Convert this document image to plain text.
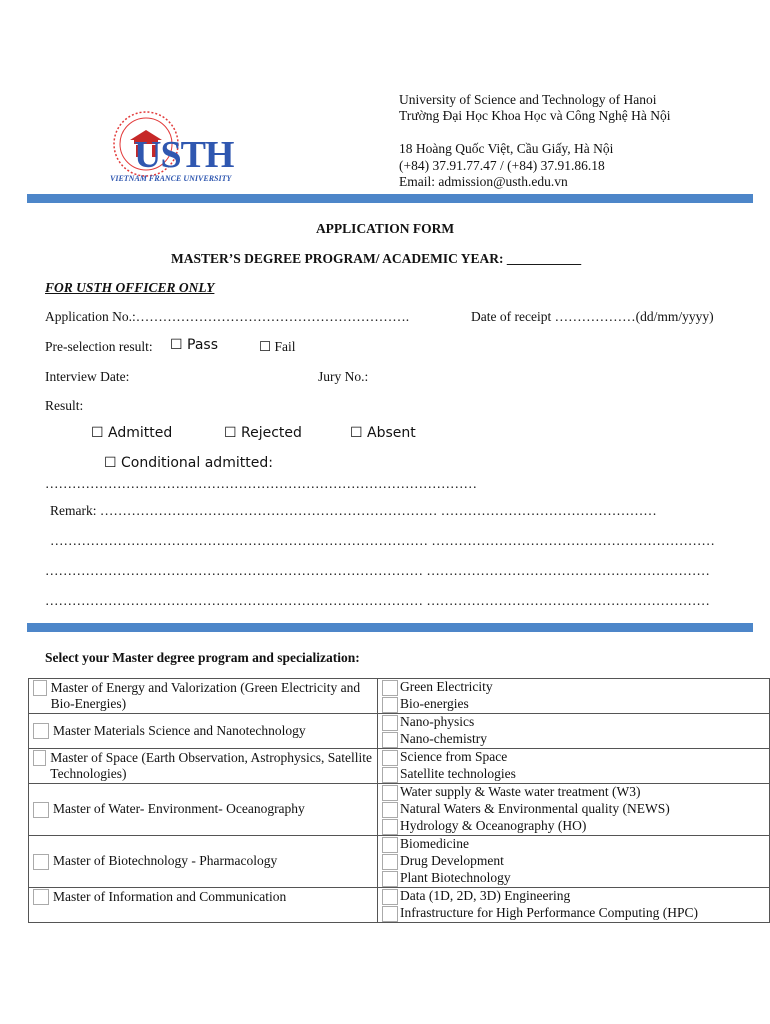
USTH
VIETNAM FRANCE UNIVERSITY
University of Science and Technology of Hanoi
Trường Đại Học Khoa Học và Công Nghệ Hà Nội
18 Hoàng Quốc Việt, Cầu Giấy, Hà Nội
(+84) 37.91.77.47 / (+84) 37.91.86.18
Email: admission@usth.edu.vn
APPLICATION FORM
MASTER’S DEGREE PROGRAM/ ACADEMIC YEAR: ___________
FOR USTH OFFICER ONLY
Application No.:…………………………………………………….	Date of receipt ………………(dd/mm/yyyy)
Pre-selection result: ☐ Pass	☐ Fail
Interview Date:	Jury No.:
Result:
☐ Admitted	☐ Rejected	☐ Absent
☐ Conditional admitted:
……………………………………………………………………………………
Remark: ………………………………………………………………… …………………………………………
………………………………………………………………………… ………………………………………………………
………………………………………………………………………… ………………………………………………………
………………………………………………………………………… ………………………………………………………
Select your Master degree program and specialization:
Master of Energy and Valorization (Green Electricity and Bio-Energies)	Green Electricity
Bio-energies

Master Materials Science and Nanotechnology	Nano-physics
Nano-chemistry

Master of Space (Earth Observation, Astrophysics, Satellite Technologies)	Science from Space
Satellite technologies

Master of Water- Environment- Oceanography	Water supply & Waste water treatment (W3)
Natural Waters & Environmental quality (NEWS)
Hydrology & Oceanography (HO)

Master of Biotechnology - Pharmacology	Biomedicine
Drug Development
Plant Biotechnology

Master of Information and Communication	Data (1D, 2D, 3D) Engineering
Infrastructure for High Performance Computing (HPC)
